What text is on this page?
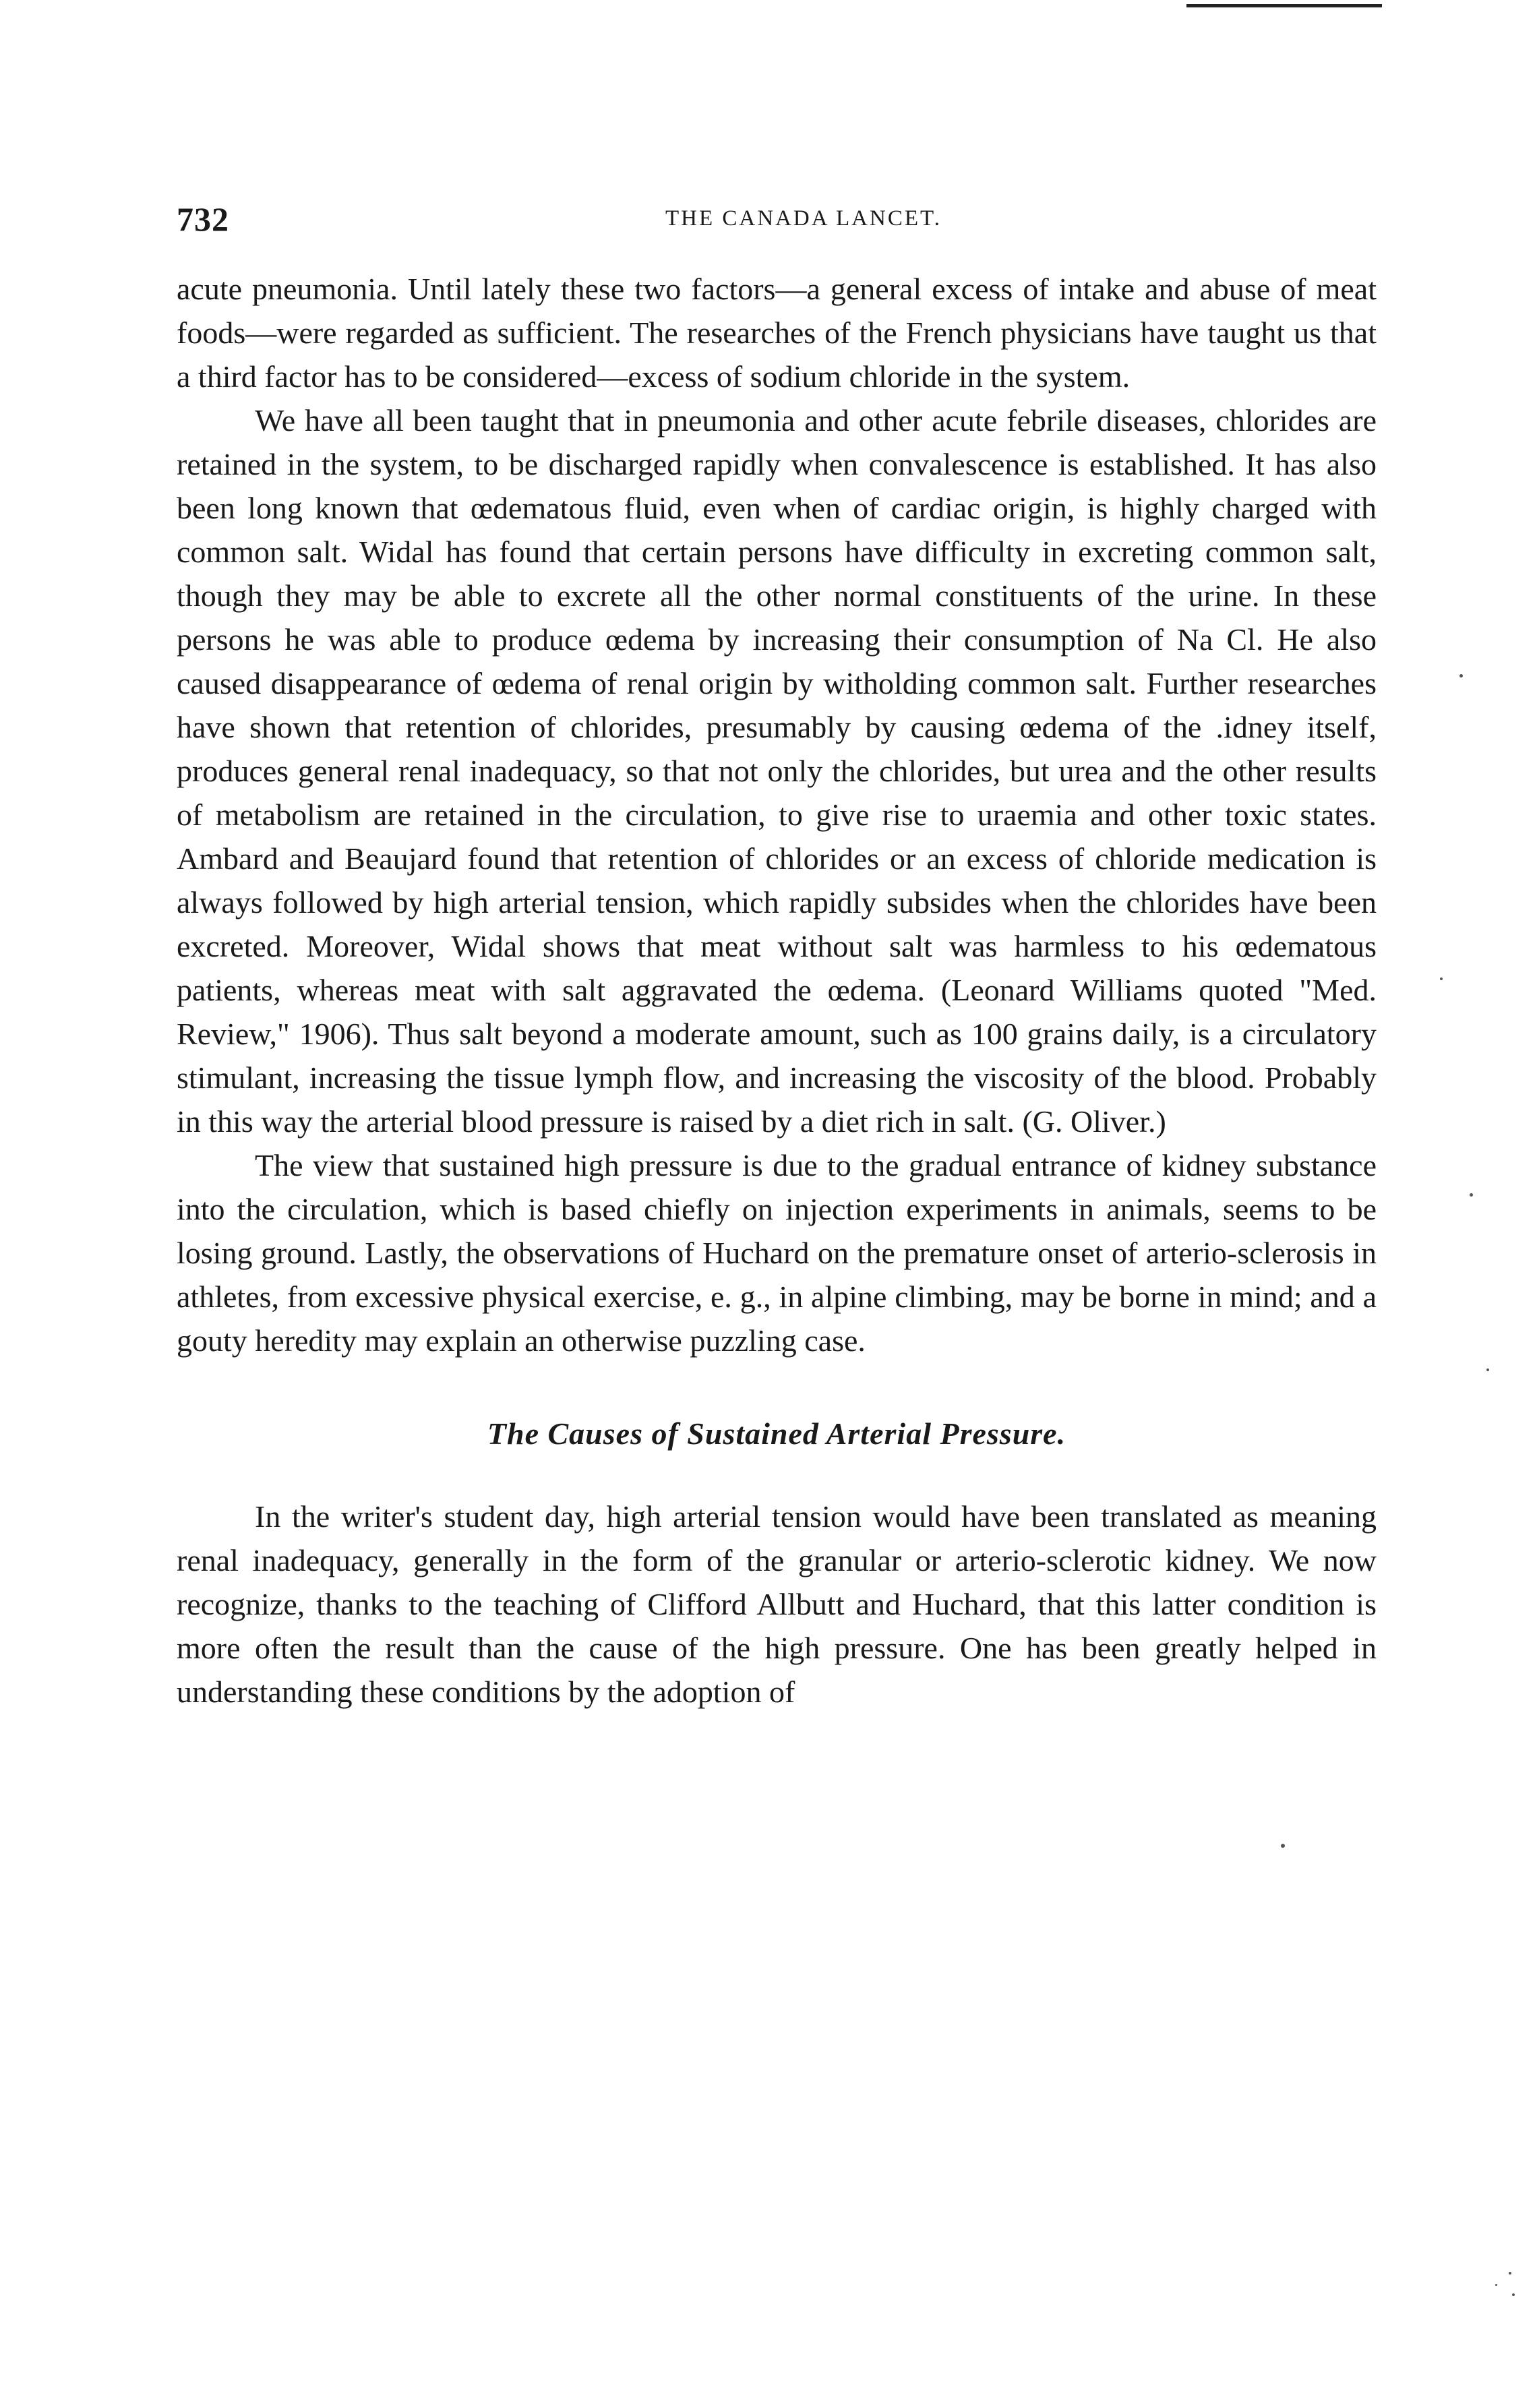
732	THE CANADA LANCET.

acute pneumonia. Until lately these two factors—a general excess of intake and abuse of meat foods—were regarded as sufficient. The researches of the French physicians have taught us that a third factor has to be considered—excess of sodium chloride in the system.

We have all been taught that in pneumonia and other acute febrile diseases, chlorides are retained in the system, to be discharged rapidly when convalescence is established. It has also been long known that œdematous fluid, even when of cardiac origin, is highly charged with common salt. Widal has found that certain persons have difficulty in excreting common salt, though they may be able to excrete all the other normal constituents of the urine. In these persons he was able to produce œdema by increasing their consumption of Na Cl. He also caused disappearance of œdema of renal origin by witholding common salt. Further researches have shown that retention of chlorides, presumably by causing œdema of the .idney itself, produces general renal inadequacy, so that not only the chlorides, but urea and the other results of metabolism are retained in the circulation, to give rise to uraemia and other toxic states. Ambard and Beaujard found that retention of chlorides or an excess of chloride medication is always followed by high arterial tension, which rapidly subsides when the chlorides have been excreted. Moreover, Widal shows that meat without salt was harmless to his œdematous patients, whereas meat with salt aggravated the œdema. (Leonard Williams quoted "Med. Review," 1906). Thus salt beyond a moderate amount, such as 100 grains daily, is a circulatory stimulant, increasing the tissue lymph flow, and increasing the viscosity of the blood. Probably in this way the arterial blood pressure is raised by a diet rich in salt. (G. Oliver.)

The view that sustained high pressure is due to the gradual entrance of kidney substance into the circulation, which is based chiefly on injection experiments in animals, seems to be losing ground. Lastly, the observations of Huchard on the premature onset of arterio-sclerosis in athletes, from excessive physical exercise, e. g., in alpine climbing, may be borne in mind; and a gouty heredity may explain an otherwise puzzling case.

The Causes of Sustained Arterial Pressure.

In the writer's student day, high arterial tension would have been translated as meaning renal inadequacy, generally in the form of the granular or arterio-sclerotic kidney. We now recognize, thanks to the teaching of Clifford Allbutt and Huchard, that this latter condition is more often the result than the cause of the high pressure. One has been greatly helped in understanding these conditions by the adoption of
